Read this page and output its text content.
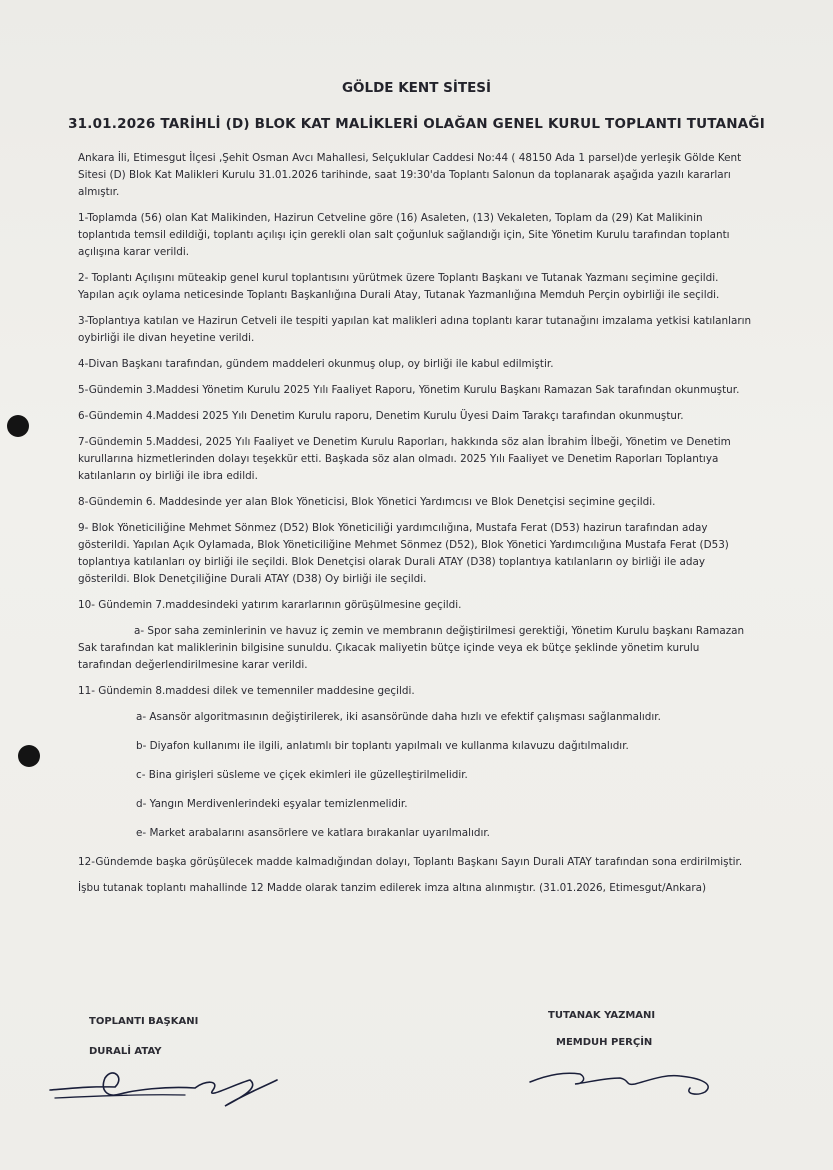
GÖLDE KENT SİTESİ
31.01.2026 TARİHLİ (D) BLOK KAT MALİKLERİ OLAĞAN GENEL KURUL TOPLANTI TUTANAĞI

Ankara İli, Etimesgut İlçesi ,Şehit Osman Avcı Mahallesi, Selçuklular Caddesi No:44 ( 48150 Ada 1 parsel)de yerleşik Gölde Kent Sitesi (D) Blok Kat Malikleri Kurulu 31.01.2026 tarihinde, saat 19:30'da Toplantı Salonun da toplanarak aşağıda yazılı kararları almıştır.

1-Toplamda (56) olan Kat Malikinden, Hazirun Cetveline göre (16) Asaleten, (13) Vekaleten, Toplam da (29) Kat Malikinin toplantıda temsil edildiği, toplantı açılışı için gerekli olan salt çoğunluk sağlandığı için, Site Yönetim Kurulu tarafından toplantı açılışına karar verildi.

2- Toplantı Açılışını müteakip genel kurul toplantısını yürütmek üzere Toplantı Başkanı ve Tutanak Yazmanı seçimine geçildi. Yapılan açık oylama neticesinde Toplantı Başkanlığına Durali Atay, Tutanak Yazmanlığına Memduh Perçin oybirliği ile seçildi.

3-Toplantıya katılan ve Hazirun Cetveli ile tespiti yapılan kat malikleri adına toplantı karar tutanağını imzalama yetkisi katılanların oybirliği ile divan heyetine verildi.

4-Divan Başkanı tarafından, gündem maddeleri okunmuş olup, oy birliği ile kabul edilmiştir.

5-Gündemin 3.Maddesi Yönetim Kurulu 2025 Yılı Faaliyet Raporu, Yönetim Kurulu Başkanı Ramazan Sak tarafından okunmuştur.

6-Gündemin 4.Maddesi 2025 Yılı Denetim Kurulu raporu, Denetim Kurulu Üyesi Daim Tarakçı tarafından okunmuştur.

7-Gündemin 5.Maddesi, 2025 Yılı Faaliyet ve Denetim Kurulu Raporları, hakkında söz alan İbrahim İlbeği, Yönetim ve Denetim kurullarına hizmetlerinden dolayı teşekkür etti. Başkada söz alan olmadı. 2025 Yılı Faaliyet ve Denetim Raporları Toplantıya katılanların oy birliği ile ibra edildi.

8-Gündemin 6. Maddesinde yer alan Blok Yöneticisi, Blok Yönetici Yardımcısı ve Blok Denetçisi seçimine geçildi.

9- Blok Yöneticiliğine Mehmet Sönmez (D52) Blok Yöneticiliği yardımcılığına, Mustafa Ferat (D53) hazirun tarafından aday gösterildi. Yapılan Açık Oylamada, Blok Yöneticiliğine Mehmet Sönmez (D52), Blok Yönetici Yardımcılığına Mustafa Ferat (D53) toplantıya katılanları oy birliği ile seçildi. Blok Denetçisi olarak Durali ATAY (D38) toplantıya katılanların oy birliği ile aday gösterildi. Blok Denetçiliğine Durali ATAY (D38) Oy birliği ile seçildi.

10- Gündemin 7.maddesindeki yatırım kararlarının görüşülmesine geçildi.

a- Spor saha zeminlerinin ve havuz iç zemin ve membranın değiştirilmesi gerektiği, Yönetim Kurulu başkanı Ramazan Sak tarafından kat maliklerinin bilgisine sunuldu. Çıkacak maliyetin bütçe içinde veya ek bütçe şeklinde yönetim kurulu tarafından değerlendirilmesine karar verildi.

11- Gündemin 8.maddesi dilek ve temenniler maddesine geçildi.

a- Asansör algoritmasının değiştirilerek, iki asansöründe daha hızlı ve efektif çalışması sağlanmalıdır.

b- Diyafon kullanımı ile ilgili, anlatımlı bir toplantı yapılmalı ve kullanma kılavuzu dağıtılmalıdır.

c- Bina girişleri süsleme ve çiçek ekimleri ile güzelleştirilmelidir.

d- Yangın Merdivenlerindeki eşyalar temizlenmelidir.

e- Market arabalarını asansörlere ve katlara bırakanlar uyarılmalıdır.

12-Gündemde başka görüşülecek madde kalmadığından dolayı, Toplantı Başkanı Sayın Durali ATAY tarafından sona erdirilmiştir.

İşbu tutanak toplantı mahallinde 12 Madde olarak tanzim edilerek imza altına alınmıştır. (31.01.2026, Etimesgut/Ankara)

TOPLANTI BAŞKANI
DURALİ ATAY
TUTANAK YAZMANI
MEMDUH PERÇİN
